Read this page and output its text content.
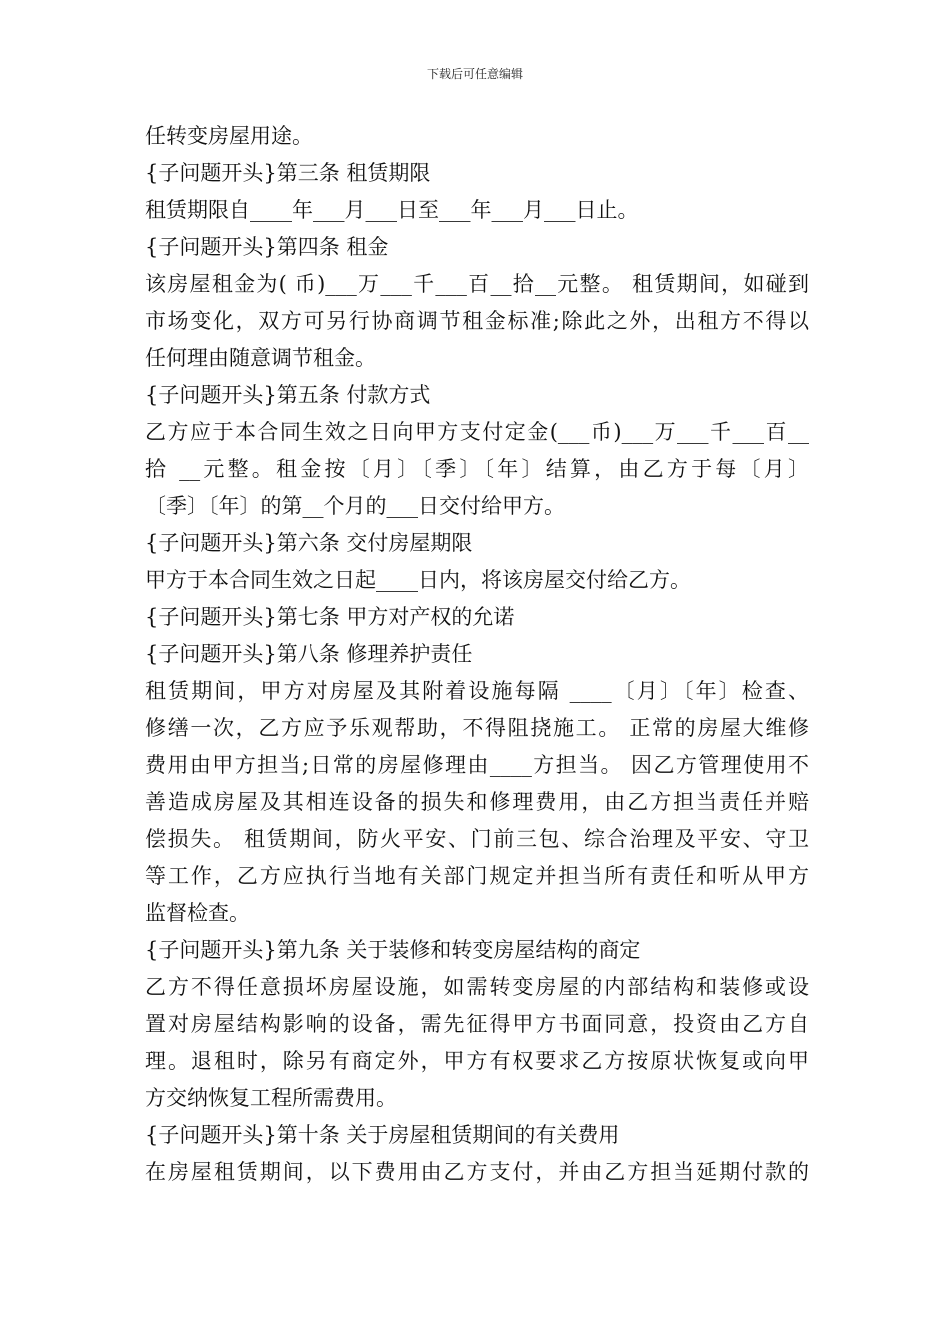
下载后可任意编辑
任转变房屋用途。
{子问题开头}第三条 租赁期限
租赁期限自____年___月___日至___年___月___日止。
{子问题开头}第四条 租金
该房屋租金为( 币)___万___千___百__拾__元整。 租赁期间，如碰到
市场变化，双方可另行协商调节租金标准;除此之外，出租方不得以
任何理由随意调节租金。
{子问题开头}第五条 付款方式
乙方应于本合同生效之日向甲方支付定金(___币)___万___千___百__
拾 __元整。租金按〔月〕〔季〕〔年〕结算，由乙方于每〔月〕
〔季〕〔年〕的第__个月的___日交付给甲方。
{子问题开头}第六条 交付房屋期限
甲方于本合同生效之日起____日内，将该房屋交付给乙方。
{子问题开头}第七条 甲方对产权的允诺
{子问题开头}第八条 修理养护责任
租赁期间，甲方对房屋及其附着设施每隔 ____〔月〕〔年〕检查、
修缮一次，乙方应予乐观帮助，不得阻挠施工。 正常的房屋大维修
费用由甲方担当;日常的房屋修理由____方担当。 因乙方管理使用不
善造成房屋及其相连设备的损失和修理费用，由乙方担当责任并赔
偿损失。 租赁期间，防火平安、门前三包、综合治理及平安、守卫
等工作，乙方应执行当地有关部门规定并担当所有责任和听从甲方
监督检查。
{子问题开头}第九条 关于装修和转变房屋结构的商定
乙方不得任意损坏房屋设施，如需转变房屋的内部结构和装修或设
置对房屋结构影响的设备，需先征得甲方书面同意，投资由乙方自
理。退租时，除另有商定外，甲方有权要求乙方按原状恢复或向甲
方交纳恢复工程所需费用。
{子问题开头}第十条 关于房屋租赁期间的有关费用
在房屋租赁期间，以下费用由乙方支付，并由乙方担当延期付款的
